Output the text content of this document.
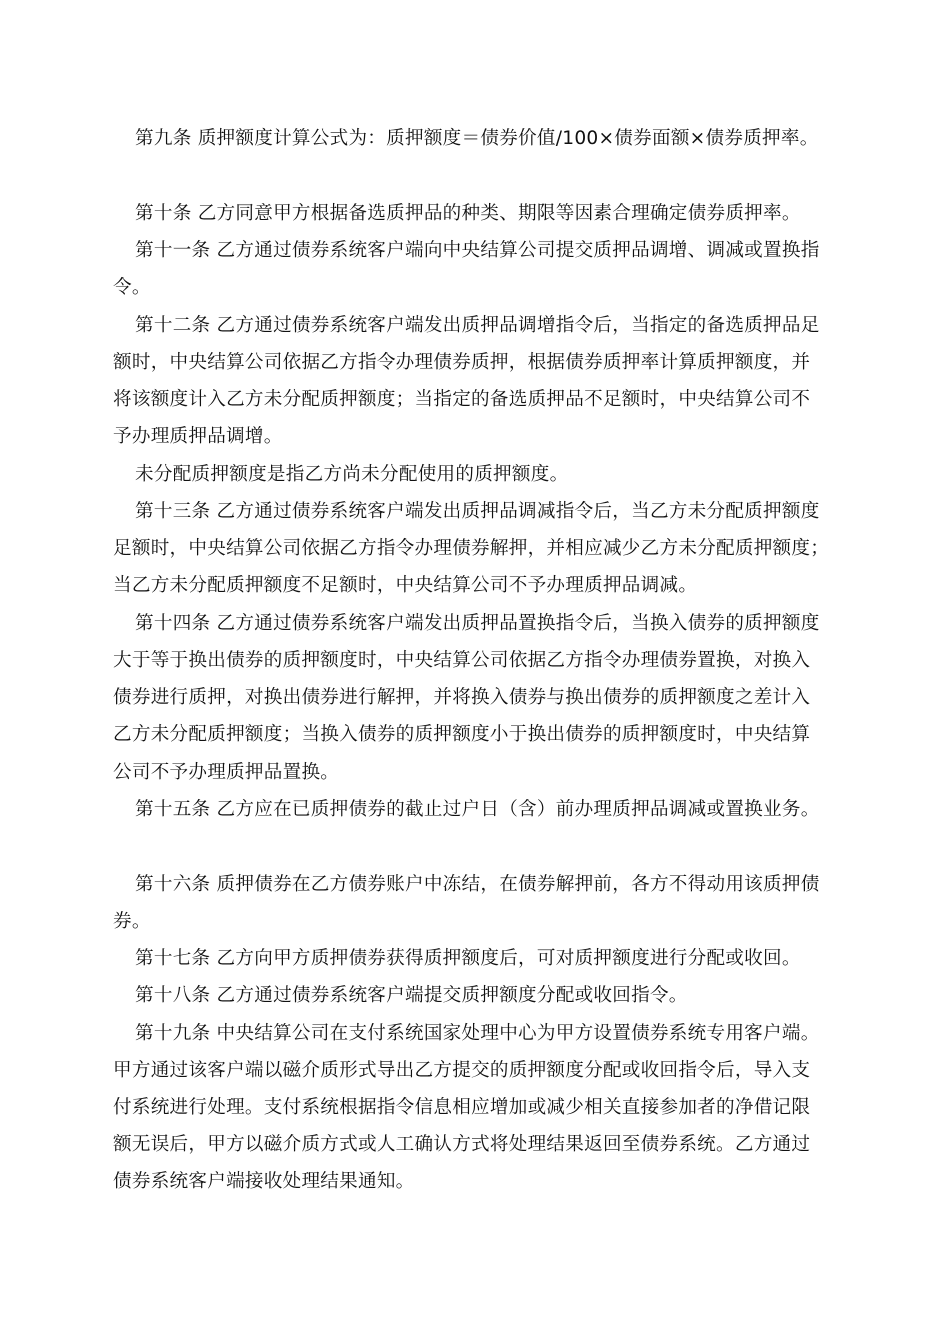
第九条 质押额度计算公式为：质押额度＝债券价值/100×债券面额×债券质押率。
第十条 乙方同意甲方根据备选质押品的种类、期限等因素合理确定债券质押率。
第十一条 乙方通过债券系统客户端向中央结算公司提交质押品调增、调减或置换指
令。
第十二条 乙方通过债券系统客户端发出质押品调增指令后，当指定的备选质押品足
额时，中央结算公司依据乙方指令办理债券质押，根据债券质押率计算质押额度，并
将该额度计入乙方未分配质押额度；当指定的备选质押品不足额时，中央结算公司不
予办理质押品调增。
未分配质押额度是指乙方尚未分配使用的质押额度。
第十三条 乙方通过债券系统客户端发出质押品调减指令后，当乙方未分配质押额度
足额时，中央结算公司依据乙方指令办理债券解押，并相应减少乙方未分配质押额度；
当乙方未分配质押额度不足额时，中央结算公司不予办理质押品调减。
第十四条 乙方通过债券系统客户端发出质押品置换指令后，当换入债券的质押额度
大于等于换出债券的质押额度时，中央结算公司依据乙方指令办理债券置换，对换入
债券进行质押，对换出债券进行解押，并将换入债券与换出债券的质押额度之差计入
乙方未分配质押额度；当换入债券的质押额度小于换出债券的质押额度时，中央结算
公司不予办理质押品置换。
第十五条 乙方应在已质押债券的截止过户日（含）前办理质押品调减或置换业务。
第十六条 质押债券在乙方债券账户中冻结，在债券解押前，各方不得动用该质押债
券。
第十七条 乙方向甲方质押债券获得质押额度后，可对质押额度进行分配或收回。
第十八条 乙方通过债券系统客户端提交质押额度分配或收回指令。
第十九条 中央结算公司在支付系统国家处理中心为甲方设置债券系统专用客户端。
甲方通过该客户端以磁介质形式导出乙方提交的质押额度分配或收回指令后，导入支
付系统进行处理。支付系统根据指令信息相应增加或减少相关直接参加者的净借记限
额无误后，甲方以磁介质方式或人工确认方式将处理结果返回至债券系统。乙方通过
债券系统客户端接收处理结果通知。
